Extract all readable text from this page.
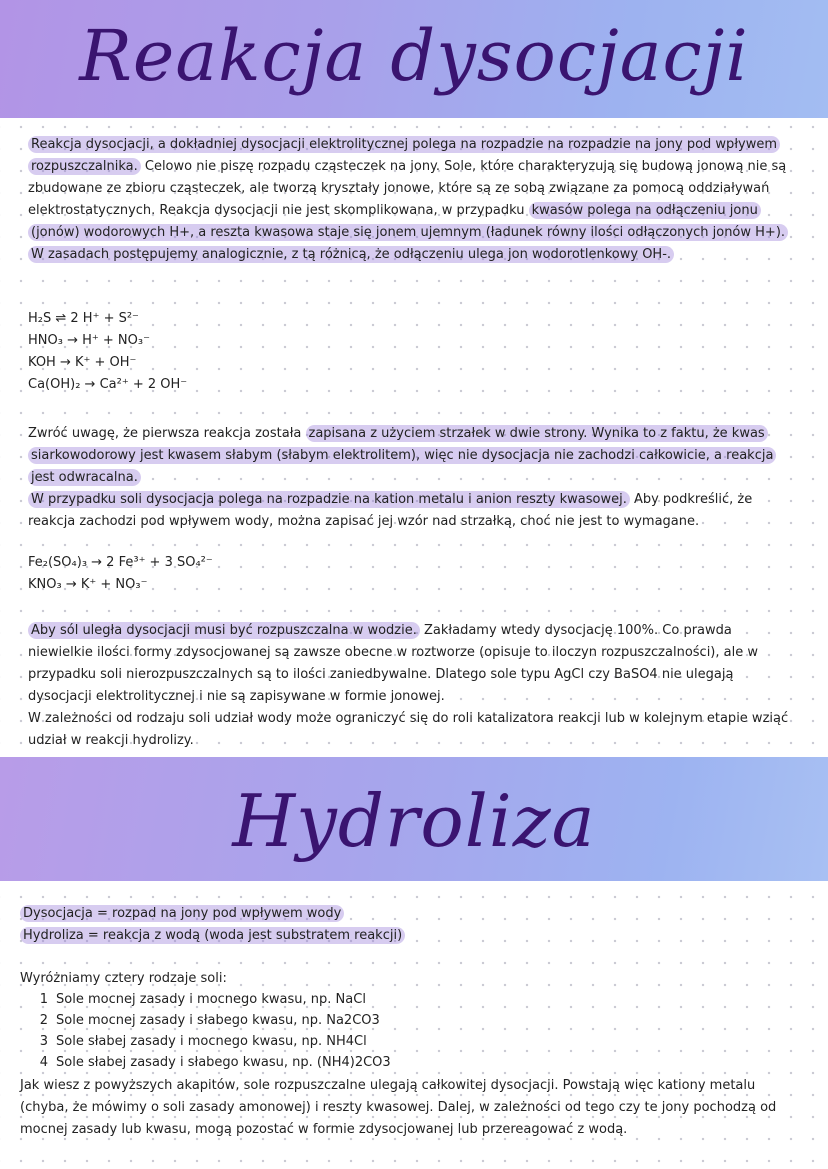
Reakcja dysocjacji

Reakcja dysocjacji, a dokładniej dysocjacji elektrolitycznej polega na rozpadzie na rozpadzie na jony pod wpływem rozpuszczalnika. Celowo nie piszę rozpadu cząsteczek na jony. Sole, które charakteryzują się budową jonową nie są zbudowane ze zbioru cząsteczek, ale tworzą kryształy jonowe, które są ze sobą związane za pomocą oddziaływań elektrostatycznych. Reakcja dysocjacji nie jest skomplikowana, w przypadku kwasów polega na odłączeniu jonu (jonów) wodorowych H+, a reszta kwasowa staje się jonem ujemnym (ładunek równy ilości odłączonych jonów H+). W zasadach postępujemy analogicznie, z tą różnicą, że odłączeniu ulega jon wodorotlenkowy OH-.

H₂S ⇌ 2 H⁺ + S²⁻
HNO₃ → H⁺ + NO₃⁻
KOH → K⁺ + OH⁻
Ca(OH)₂ → Ca²⁺ + 2 OH⁻

Zwróć uwagę, że pierwsza reakcja została zapisana z użyciem strzałek w dwie strony. Wynika to z faktu, że kwas siarkowodorowy jest kwasem słabym (słabym elektrolitem), więc nie dysocjacja nie zachodzi całkowicie, a reakcja jest odwracalna.

W przypadku soli dysocjacja polega na rozpadzie na kation metalu i anion reszty kwasowej. Aby podkreślić, że reakcja zachodzi pod wpływem wody, można zapisać jej wzór nad strzałką, choć nie jest to wymagane.

Fe₂(SO₄)₃ → 2 Fe³⁺ + 3 SO₄²⁻
KNO₃ → K⁺ + NO₃⁻

Aby sól uległa dysocjacji musi być rozpuszczalna w wodzie. Zakładamy wtedy dysocjację 100%. Co prawda niewielkie ilości formy zdysocjowanej są zawsze obecne w roztworze (opisuje to iloczyn rozpuszczalności), ale w przypadku soli nierozpuszczalnych są to ilości zaniedbywalne. Dlatego sole typu AgCl czy BaSO4 nie ulegają dysocjacji elektrolitycznej i nie są zapisywane w formie jonowej.

W zależności od rodzaju soli udział wody może ograniczyć się do roli katalizatora reakcji lub w kolejnym etapie wziąć udział w reakcji hydrolizy.

Hydroliza

Dysocjacja = rozpad na jony pod wpływem wody

Hydroliza = reakcja z wodą (woda jest substratem reakcji)

Wyróżniamy cztery rodzaje soli:
1 Sole mocnej zasady i mocnego kwasu, np. NaCl
2 Sole mocnej zasady i słabego kwasu, np. Na2CO3
3 Sole słabej zasady i mocnego kwasu, np. NH4Cl
4 Sole słabej zasady i słabego kwasu, np. (NH4)2CO3

Jak wiesz z powyższych akapitów, sole rozpuszczalne ulegają całkowitej dysocjacji. Powstają więc kationy metalu (chyba, że mówimy o soli zasady amonowej) i reszty kwasowej. Dalej, w zależności od tego czy te jony pochodzą od mocnej zasady lub kwasu, mogą pozostać w formie zdysocjowanej lub przereagować z wodą.
